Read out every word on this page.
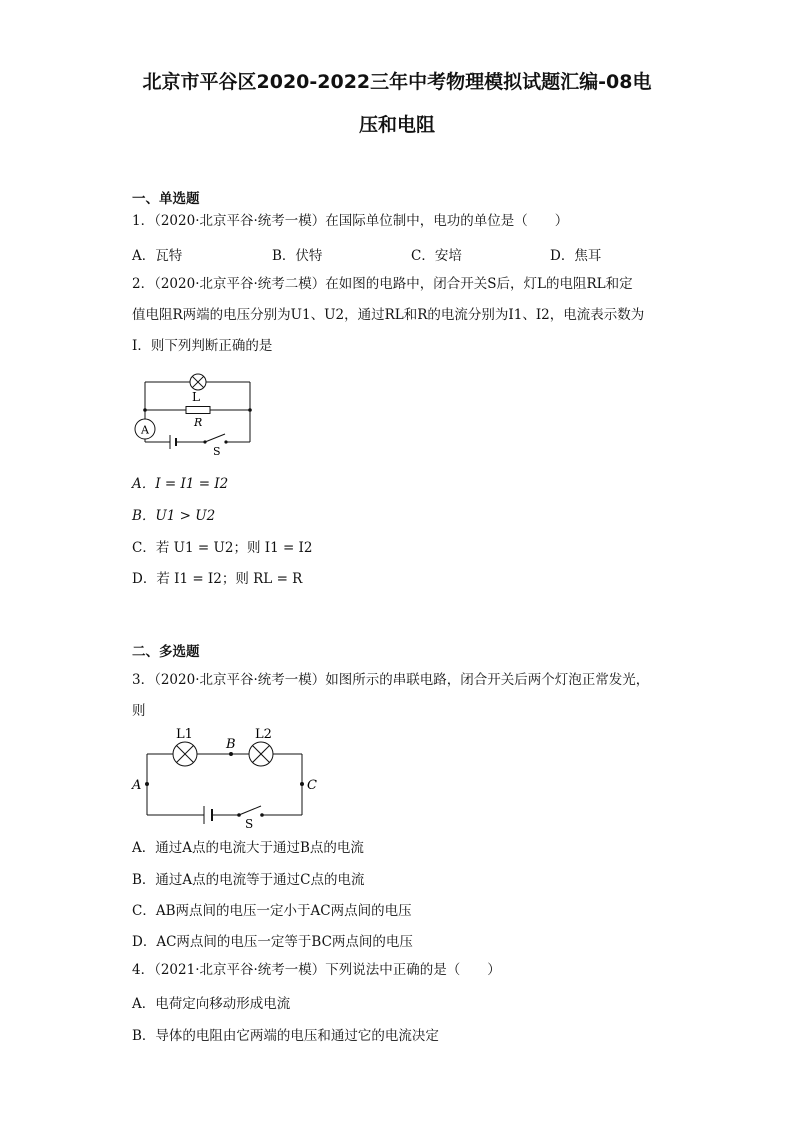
北京市平谷区2020-2022三年中考物理模拟试题汇编-08电
压和电阻
一、单选题
1．（2020·北京平谷·统考一模）在国际单位制中，电功的单位是（　　）
A．瓦特	B．伏特	C．安培	D．焦耳
2．（2020·北京平谷·统考二模）在如图的电路中，闭合开关S后，灯L的电阻RL和定
值电阻R两端的电压分别为U1、U2，通过RL和R的电流分别为I1、I2，电流表示数为
I．则下列判断正确的是
A
L
R
S
A．I = I1 = I2
B．U1 > U2
C．若 U1 = U2；则 I1 = I2
D．若 I1 = I2；则 RL = R
二、多选题
3．（2020·北京平谷·统考一模）如图所示的串联电路，闭合开关后两个灯泡正常发光，
则
L1	L2
B
A	C
S
A．通过A点的电流大于通过B点的电流
B．通过A点的电流等于通过C点的电流
C．AB两点间的电压一定小于AC两点间的电压
D．AC两点间的电压一定等于BC两点间的电压
4．（2021·北京平谷·统考一模）下列说法中正确的是（　　）
A．电荷定向移动形成电流
B．导体的电阻由它两端的电压和通过它的电流决定
